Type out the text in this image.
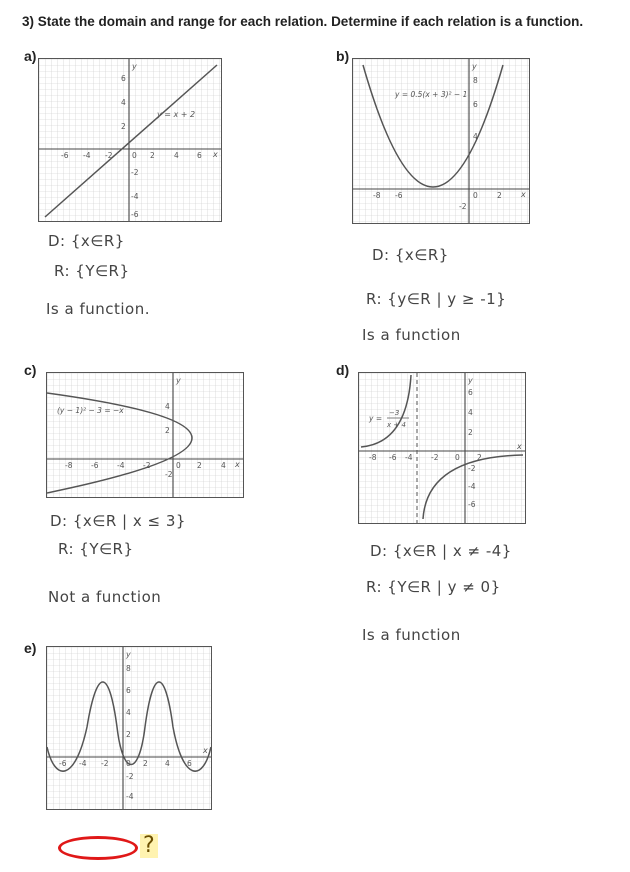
3) State the domain and range for each relation. Determine if each relation is a function.
a)
y
x
y = x + 2
-6 -4 -2	0 2	4 6
6
4
2
-2
-4
-6
D: {x∈R}
R: {Y∈R}
Is a function.
b)
y
x
y = 0.5(x + 3)² − 1
-8 -6	0	2
8
6
4
-2
D: {x∈R}
R: {y∈R | y ≥ -1}
Is a function
c)
y
x
(y − 1)² − 3 = −x
-8 -6 -4 -2	0 2	4
4
2
-2
D: {x∈R | x ≤ 3}
R: {Y∈R}
Not a function
d)
y
x
y =
−3
x + 4
-8 -6 -4 -2 0 2
6
4
2
-2
-4
-6
D: {x∈R | x ≠ -4}
R: {Y∈R | y ≠ 0}
Is a function
e)	y
x
-6 -4 -2 0 2 4 6
8
6
4
2
-2
-4
?
